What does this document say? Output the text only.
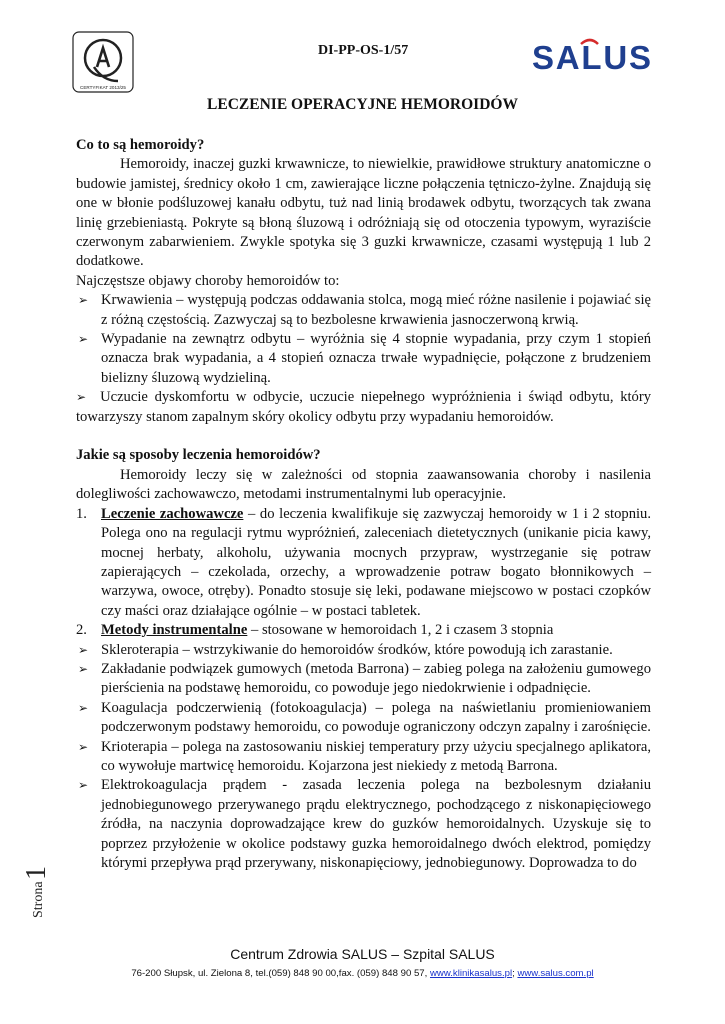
CERTYFIKAT 2013/25
DI-PP-OS-1/57	SALUS
LECZENIE OPERACYJNE HEMOROIDÓW

Co to są hemoroidy?

Hemoroidy, inaczej guzki krwawnicze, to niewielkie, prawidłowe struktury anatomiczne o budowie jamistej, średnicy około 1 cm, zawierające liczne połączenia tętniczo-żylne. Znajdują się one w błonie podśluzowej kanału odbytu, tuż nad linią brodawek odbytu, tworzących tak zwana linię grzebieniastą. Pokryte są błoną śluzową i odróżniają się od otoczenia typowym, wyraziście czerwonym zabarwieniem. Zwykle spotyka się 3 guzki krwawnicze, czasami występują 1 lub 2 dodatkowe.

Najczęstsze objawy choroby hemoroidów to:

➢ Krwawienia – występują podczas oddawania stolca, mogą mieć różne nasilenie i pojawiać się z różną częstością. Zazwyczaj są to bezbolesne krwawienia jasnoczerwoną krwią.
➢ Wypadanie na zewnątrz odbytu – wyróżnia się 4 stopnie wypadania, przy czym 1 stopień oznacza brak wypadania, a 4 stopień oznacza trwałe wypadnięcie, połączone z brudzeniem bielizny śluzową wydzieliną.
➢ Uczucie dyskomfortu w odbycie, uczucie niepełnego wypróżnienia i świąd odbytu, który towarzyszy stanom zapalnym skóry okolicy odbytu przy wypadaniu hemoroidów.

Jakie są sposoby leczenia hemoroidów?

Hemoroidy leczy się w zależności od stopnia zaawansowania choroby i nasilenia dolegliwości zachowawczo, metodami instrumentalnymi lub operacyjnie.

1. Leczenie zachowawcze – do leczenia kwalifikuje się zazwyczaj hemoroidy w 1 i 2 stopniu. Polega ono na regulacji rytmu wypróżnień, zaleceniach dietetycznych (unikanie picia kawy, mocnej herbaty, alkoholu, używania mocnych przypraw, wystrzeganie się potraw zapierających – czekolada, orzechy, a wprowadzenie potraw bogato błonnikowych – warzywa, owoce, otręby). Ponadto stosuje się leki, podawane miejscowo w postaci czopków czy maści oraz działające ogólnie – w postaci tabletek.
2. Metody instrumentalne – stosowane w hemoroidach 1, 2 i czasem 3 stopnia
➢ Skleroterapia – wstrzykiwanie do hemoroidów środków, które powodują ich zarastanie.
➢ Zakładanie podwiązek gumowych (metoda Barrona) – zabieg polega na założeniu gumowego pierścienia na podstawę hemoroidu, co powoduje jego niedokrwienie i odpadnięcie.
➢ Koagulacja podczerwienią (fotokoagulacja) – polega na naświetlaniu promieniowaniem podczerwonym podstawy hemoroidu, co powoduje ograniczony odczyn zapalny i zarośnięcie.
➢ Krioterapia – polega na zastosowaniu niskiej temperatury przy użyciu specjalnego aplikatora, co wywołuje martwicę hemoroidu. Kojarzona jest niekiedy z metodą Barrona.
➢ Elektrokoagulacja prądem - zasada leczenia polega na bezbolesnym działaniu jednobiegunowego przerywanego prądu elektrycznego, pochodzącego z niskonapięciowego źródła, na naczynia doprowadzające krew do guzków hemoroidalnych. Uzyskuje się to poprzez przyłożenie w okolice podstawy guzka hemoroidalnego dwóch elektrod, pomiędzy którymi przepływa prąd przerywany, niskonapięciowy, jednobiegunowy. Doprowadza to do
Strona
1
Centrum Zdrowia SALUS – Szpital SALUS
76-200 Słupsk, ul. Zielona 8, tel.(059) 848 90 00,fax. (059) 848 90 57, www.klinikasalus.pl; www.salus.com.pl
